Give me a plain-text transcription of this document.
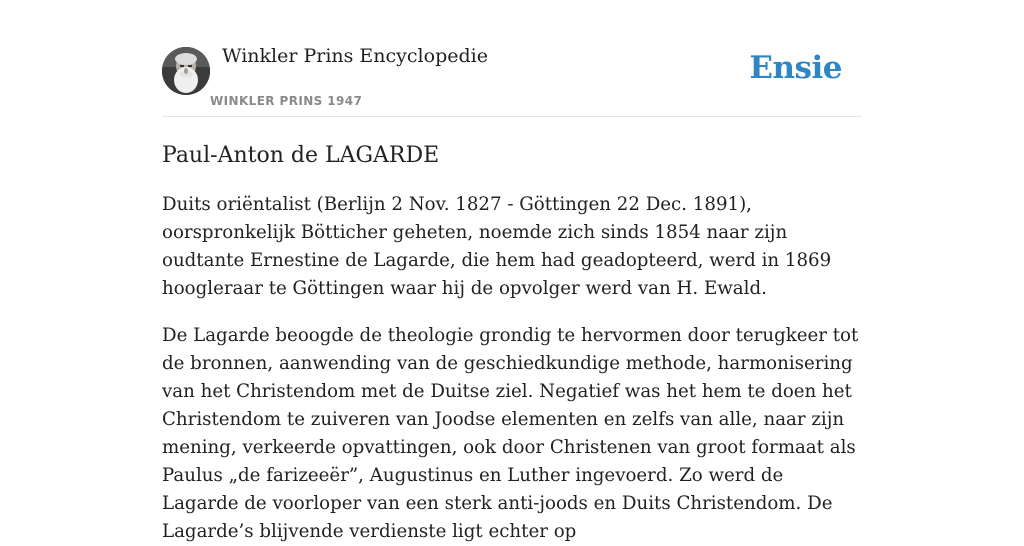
Winkler Prins Encyclopedie
WINKLER PRINS 1947
Ensie
Paul-Anton de LAGARDE

Duits oriëntalist (Berlijn 2 Nov. 1827 - Göttingen 22 Dec. 1891), oorspronkelijk Bötticher geheten, noemde zich sinds 1854 naar zijn oudtante Ernestine de Lagarde, die hem had geadopteerd, werd in 1869 hoogleraar te Göttingen waar hij de opvolger werd van H. Ewald.

De Lagarde beoogde de theologie grondig te hervormen door terugkeer tot de bronnen, aanwending van de geschiedkundige methode, harmonisering van het Christendom met de Duitse ziel. Negatief was het hem te doen het Christendom te zuiveren van Joodse elementen en zelfs van alle, naar zijn mening, verkeerde opvattingen, ook door Christenen van groot formaat als Paulus „de farizeeër”, Augustinus en Luther ingevoerd. Zo werd de Lagarde de voorloper van een sterk anti-joods en Duits Christendom. De Lagarde’s blijvende verdienste ligt echter op
